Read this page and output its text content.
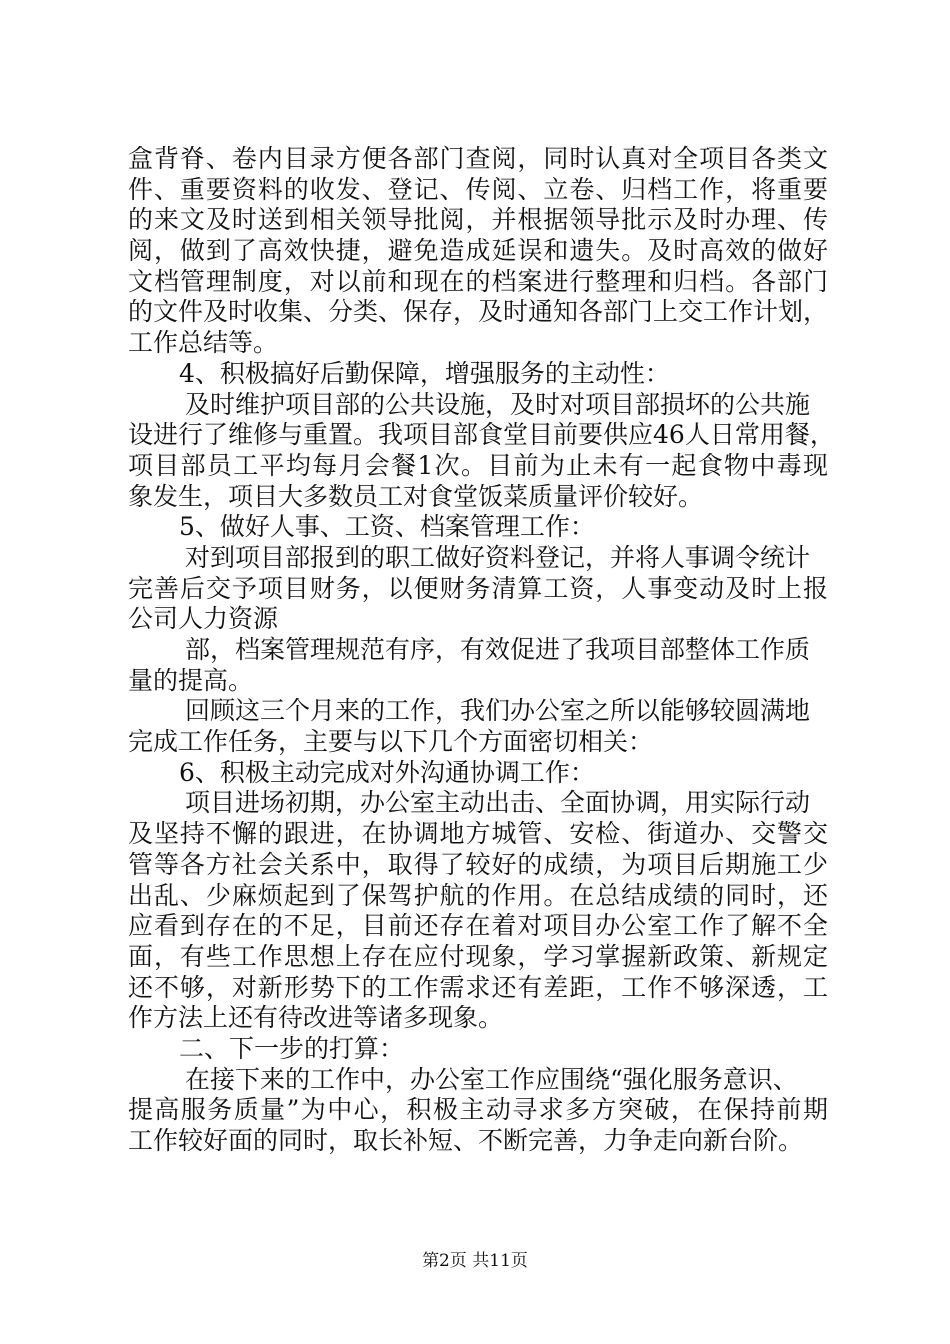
盒背脊、卷内目录方便各部门查阅，同时认真对全项目各类文
件、重要资料的收发、登记、传阅、立卷、归档工作，将重要
的来文及时送到相关领导批阅，并根据领导批示及时办理、传
阅，做到了高效快捷，避免造成延误和遗失。及时高效的做好
文档管理制度，对以前和现在的档案进行整理和归档。各部门
的文件及时收集、分类、保存，及时通知各部门上交工作计划，
工作总结等。
4、积极搞好后勤保障，增强服务的主动性：
及时维护项目部的公共设施，及时对项目部损坏的公共施
设进行了维修与重置。我项目部食堂目前要供应46人日常用餐，
项目部员工平均每月会餐1次。目前为止未有一起食物中毒现
象发生，项目大多数员工对食堂饭菜质量评价较好。
5、做好人事、工资、档案管理工作：
对到项目部报到的职工做好资料登记，并将人事调令统计
完善后交予项目财务，以便财务清算工资，人事变动及时上报
公司人力资源
部，档案管理规范有序，有效促进了我项目部整体工作质
量的提高。
回顾这三个月来的工作，我们办公室之所以能够较圆满地
完成工作任务，主要与以下几个方面密切相关：
6、积极主动完成对外沟通协调工作：
项目进场初期，办公室主动出击、全面协调，用实际行动
及坚持不懈的跟进，在协调地方城管、安检、街道办、交警交
管等各方社会关系中，取得了较好的成绩，为项目后期施工少
出乱、少麻烦起到了保驾护航的作用。在总结成绩的同时，还
应看到存在的不足，目前还存在着对项目办公室工作了解不全
面，有些工作思想上存在应付现象，学习掌握新政策、新规定
还不够，对新形势下的工作需求还有差距，工作不够深透，工
作方法上还有待改进等诸多现象。
二、下一步的打算：
在接下来的工作中，办公室工作应围绕“强化服务意识、
提高服务质量”为中心，积极主动寻求多方突破，在保持前期
工作较好面的同时，取长补短、不断完善，力争走向新台阶。
第2页 共11页
